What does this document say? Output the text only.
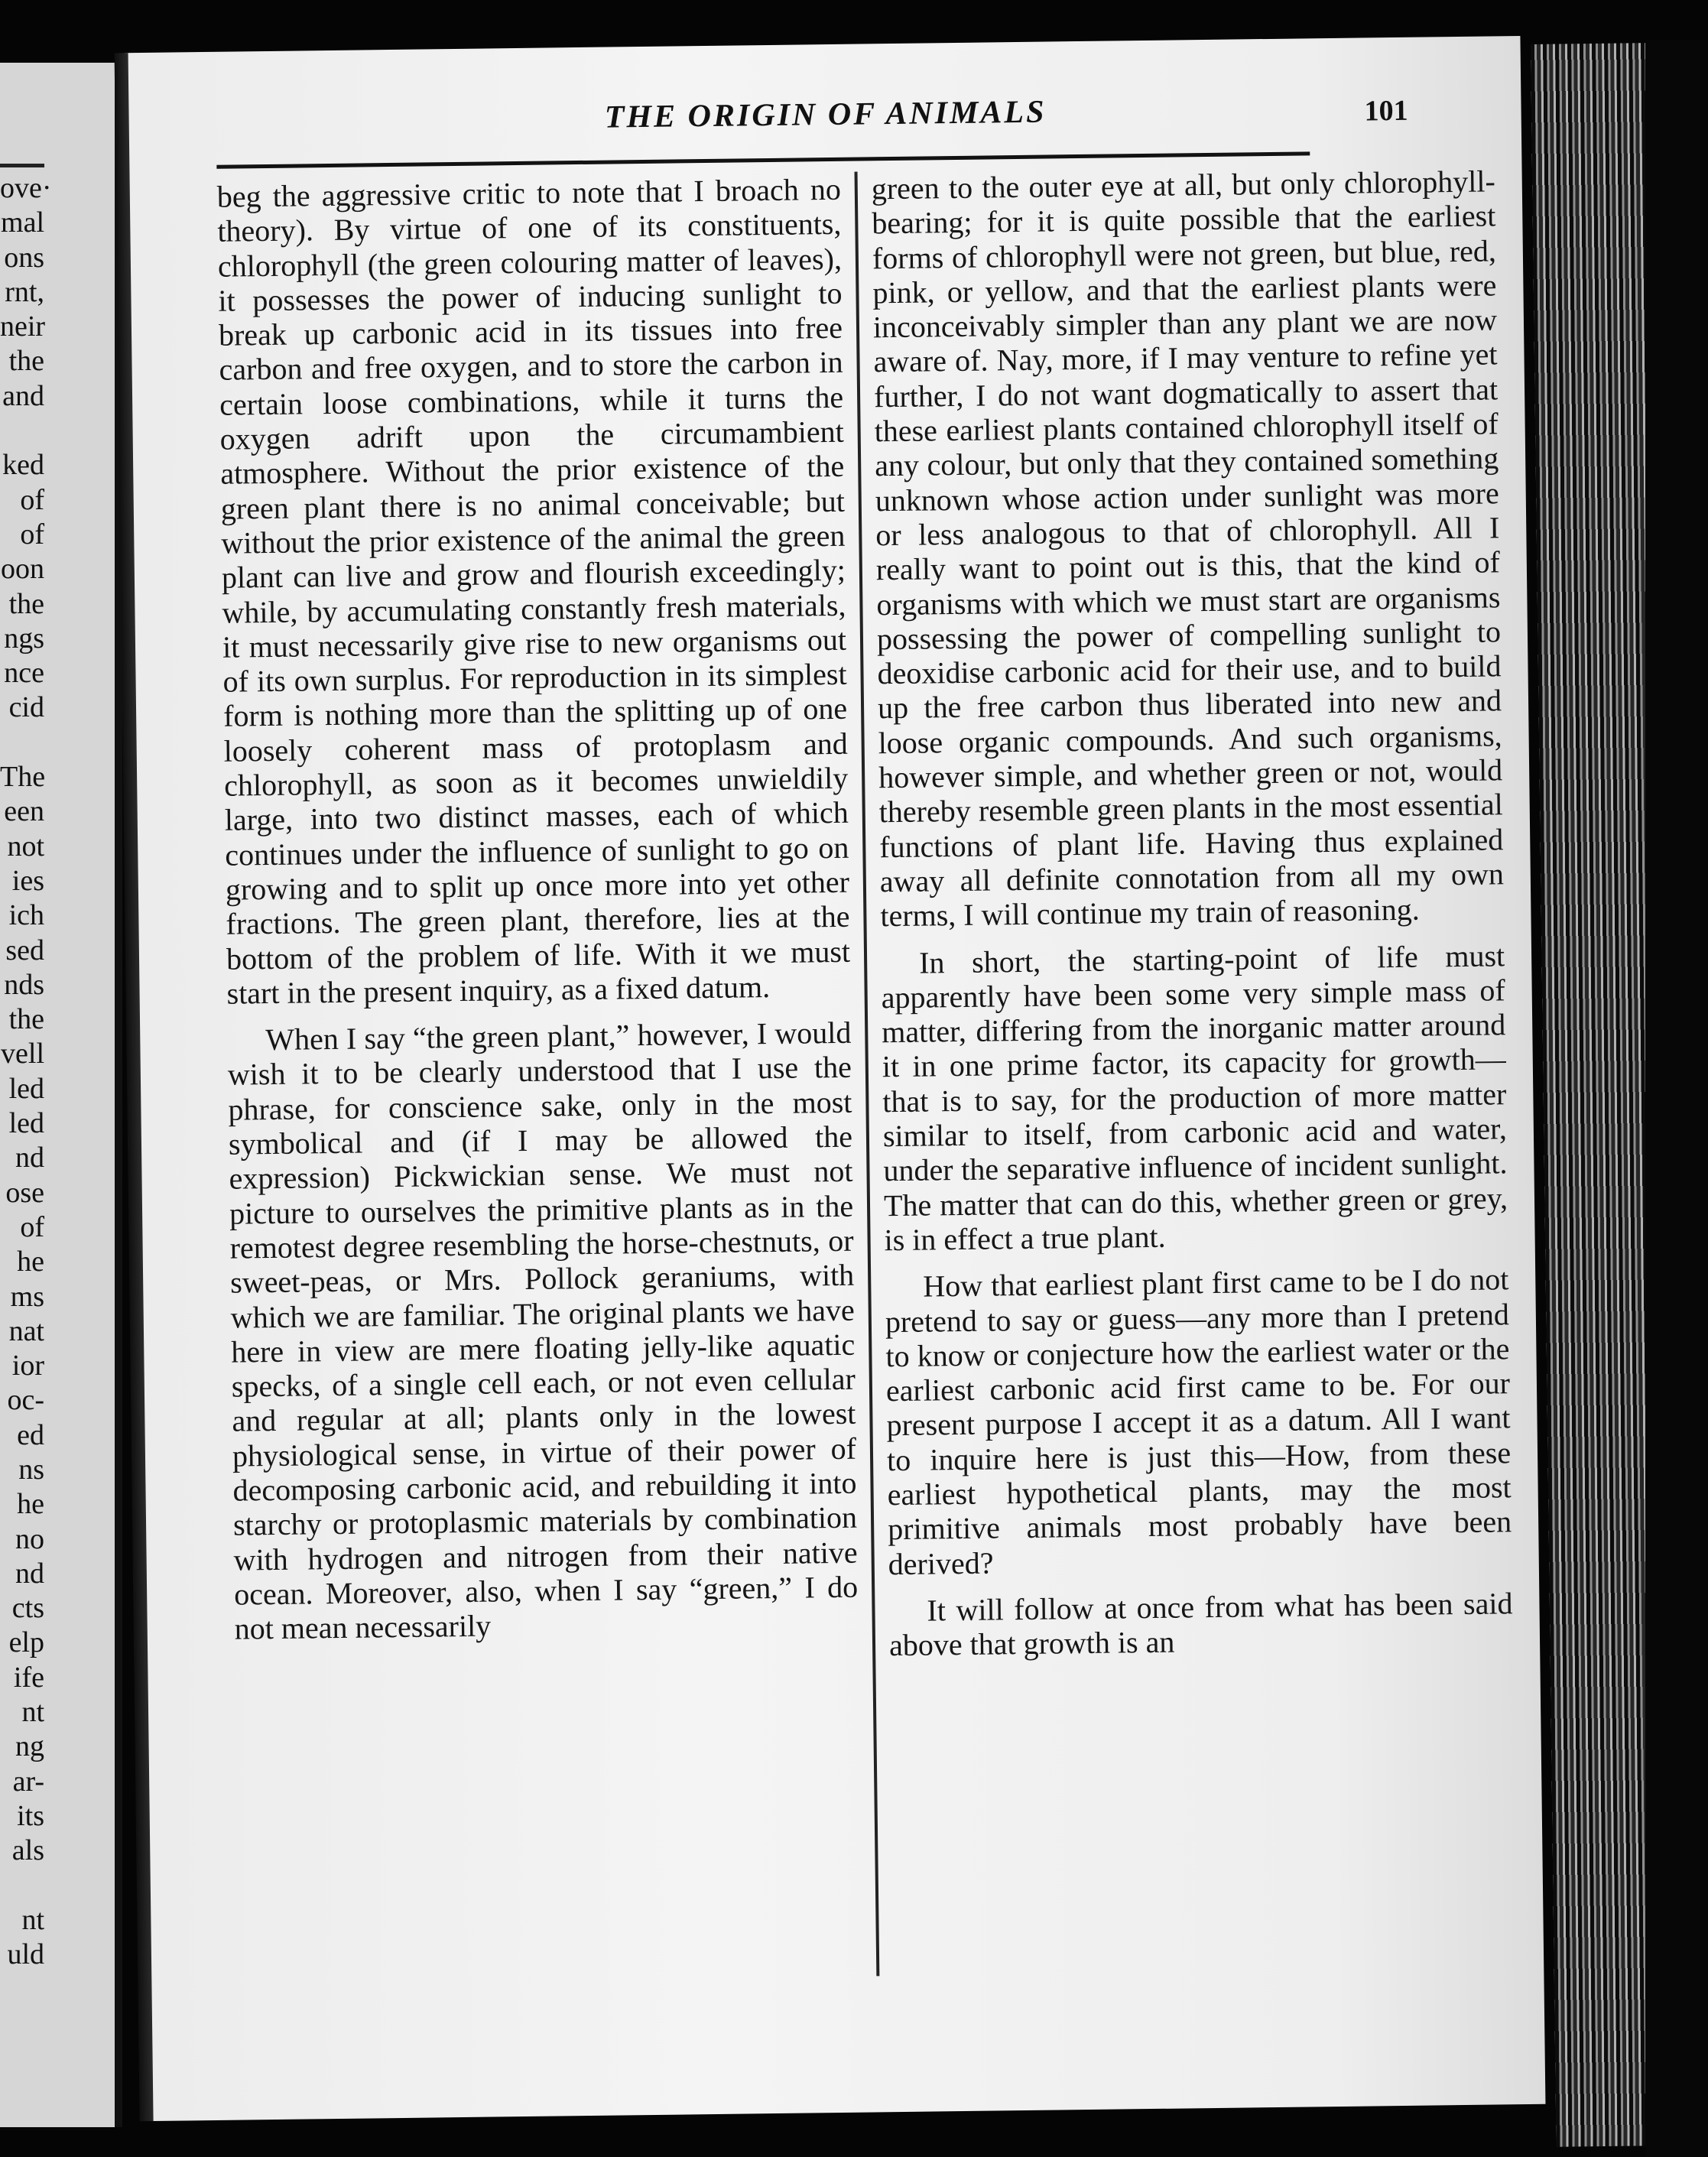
ove·
mal
ons
rnt,
neir
the
and
ked
of
of
oon
the
ngs
nce
cid
The
een
not
ies
ich
sed
nds
the
vell
led
led
nd
ose
of
he
ms
nat
ior
oc-
ed
ns
he
no
nd
cts
elp
ife
nt
ng
ar-
its
als
nt
uld
THE ORIGIN OF ANIMALS	101

beg the aggressive critic to note that I broach no theory). By virtue of one of its constituents, chlorophyll (the green colouring matter of leaves), it possesses the power of inducing sunlight to break up carbonic acid in its tissues into free carbon and free oxygen, and to store the carbon in certain loose combinations, while it turns the oxygen adrift upon the circumambient atmosphere. Without the prior existence of the green plant there is no animal conceivable; but without the prior existence of the animal the green plant can live and grow and flourish exceedingly; while, by accumulating constantly fresh materials, it must necessarily give rise to new organisms out of its own surplus. For reproduction in its simplest form is nothing more than the splitting up of one loosely coherent mass of protoplasm and chlorophyll, as soon as it becomes unwieldily large, into two distinct masses, each of which continues under the influence of sunlight to go on growing and to split up once more into yet other fractions. The green plant, therefore, lies at the bottom of the problem of life. With it we must start in the present inquiry, as a fixed datum.

When I say “the green plant,” however, I would wish it to be clearly understood that I use the phrase, for conscience sake, only in the most symbolical and (if I may be allowed the expression) Pickwickian sense. We must not picture to ourselves the primitive plants as in the remotest degree resembling the horse-chestnuts, or sweet-peas, or Mrs. Pollock geraniums, with which we are familiar. The original plants we have here in view are mere floating jelly-like aquatic specks, of a single cell each, or not even cellular and regular at all; plants only in the lowest physiological sense, in virtue of their power of decomposing carbonic acid, and rebuilding it into starchy or protoplasmic materials by combination with hydrogen and nitrogen from their native ocean. Moreover, also, when I say “green,” I do not mean necessarily

green to the outer eye at all, but only chlorophyll-bearing; for it is quite possible that the earliest forms of chlorophyll were not green, but blue, red, pink, or yellow, and that the earliest plants were inconceivably simpler than any plant we are now aware of. Nay, more, if I may venture to refine yet further, I do not want dogmatically to assert that these earliest plants contained chlorophyll itself of any colour, but only that they contained something unknown whose action under sunlight was more or less analogous to that of chlorophyll. All I really want to point out is this, that the kind of organisms with which we must start are organisms possessing the power of compelling sunlight to deoxidise carbonic acid for their use, and to build up the free carbon thus liberated into new and loose organic compounds. And such organisms, however simple, and whether green or not, would thereby resemble green plants in the most essential functions of plant life. Having thus explained away all definite connotation from all my own terms, I will continue my train of reasoning.

In short, the starting-point of life must apparently have been some very simple mass of matter, differing from the inorganic matter around it in one prime factor, its capacity for growth—that is to say, for the production of more matter similar to itself, from carbonic acid and water, under the separative influence of incident sunlight. The matter that can do this, whether green or grey, is in effect a true plant.

How that earliest plant first came to be I do not pretend to say or guess—any more than I pretend to know or conjecture how the earliest water or the earliest carbonic acid first came to be. For our present purpose I accept it as a datum. All I want to inquire here is just this—How, from these earliest hypothetical plants, may the most primitive animals most probably have been derived?

It will follow at once from what has been said above that growth is an
